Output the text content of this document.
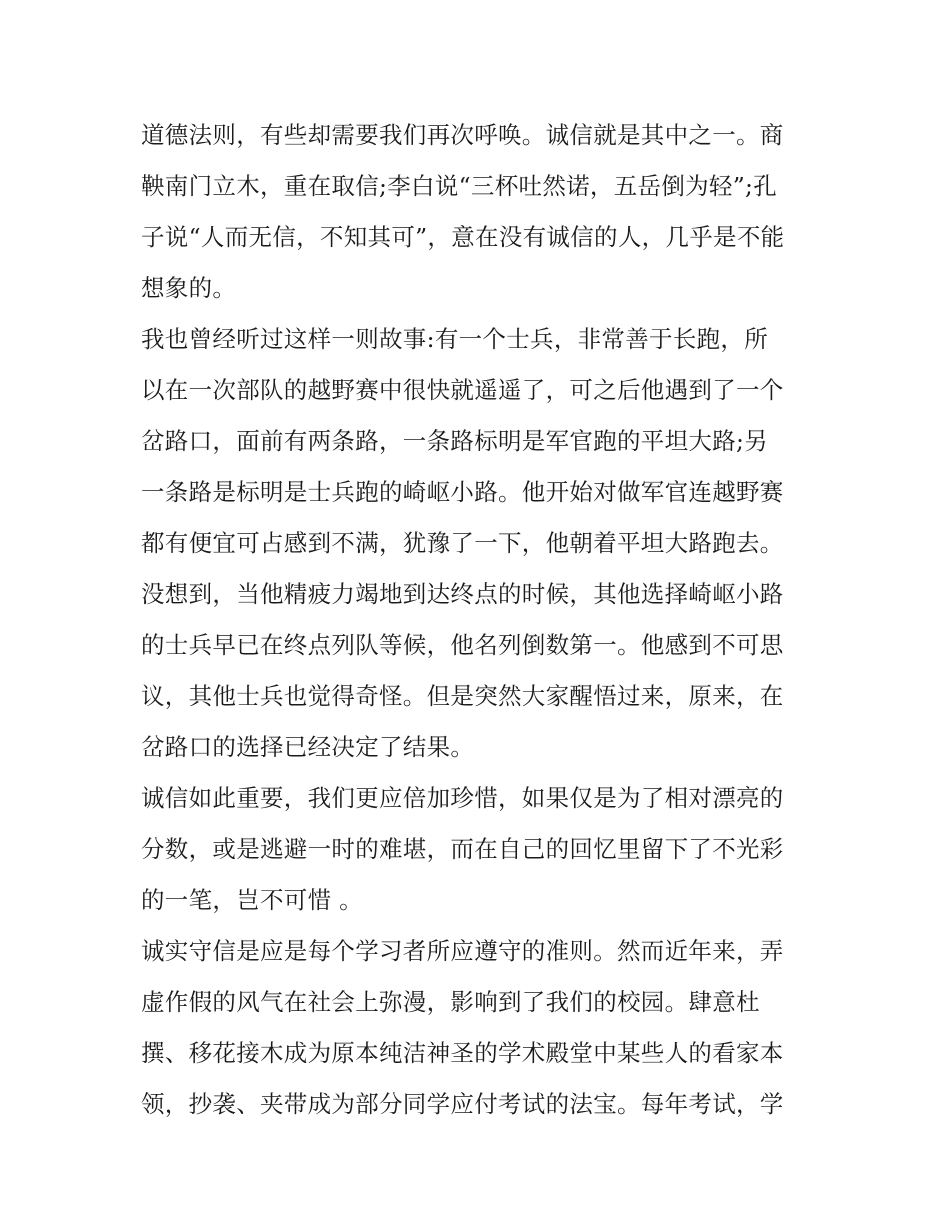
道德法则，有些却需要我们再次呼唤。诚信就是其中之一。商
鞅南门立木，重在取信;李白说“三杯吐然诺，五岳倒为轻”;孔
子说“人而无信，不知其可”，意在没有诚信的人，几乎是不能
想象的。
我也曾经听过这样一则故事:有一个士兵，非常善于长跑，所
以在一次部队的越野赛中很快就遥遥了，可之后他遇到了一个
岔路口，面前有两条路，一条路标明是军官跑的平坦大路;另
一条路是标明是士兵跑的崎岖小路。他开始对做军官连越野赛
都有便宜可占感到不满，犹豫了一下，他朝着平坦大路跑去。
没想到，当他精疲力竭地到达终点的时候，其他选择崎岖小路
的士兵早已在终点列队等候，他名列倒数第一。他感到不可思
议，其他士兵也觉得奇怪。但是突然大家醒悟过来，原来，在
岔路口的选择已经决定了结果。
诚信如此重要，我们更应倍加珍惜，如果仅是为了相对漂亮的
分数，或是逃避一时的难堪，而在自己的回忆里留下了不光彩
的一笔，岂不可惜 。
诚实守信是应是每个学习者所应遵守的准则。然而近年来，弄
虚作假的风气在社会上弥漫，影响到了我们的校园。肆意杜
撰、移花接木成为原本纯洁神圣的学术殿堂中某些人的看家本
领，抄袭、夹带成为部分同学应付考试的法宝。每年考试，学
